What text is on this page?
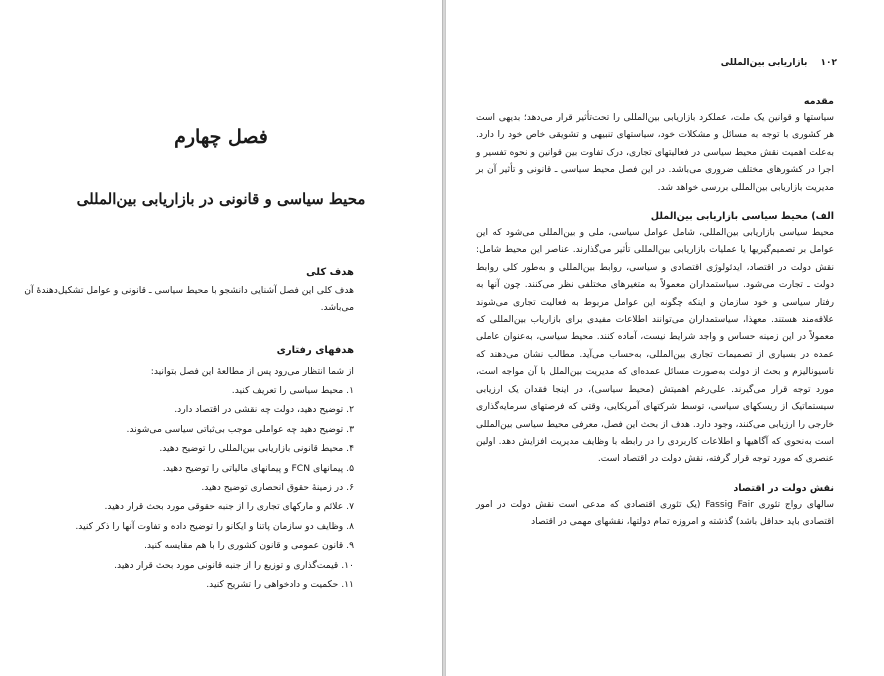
فصل چهارم
محیط سیاسی و قانونی در بازاریابی بین‌المللی

هدف کلی

هدف کلی این فصل آشنایی دانشجو با محیط سیاسی ـ قانونی و عوامل تشکیل‌دهندهٔ آن می‌باشد.

هدفهای رفتاری

از شما انتظار می‌رود پس از مطالعهٔ این فصل بتوانید:

۱. محیط سیاسی را تعریف کنید.
۲. توضیح دهید، دولت چه نقشی در اقتصاد دارد.
۳. توضیح دهید چه عواملی موجب بی‌ثباتی سیاسی می‌شوند.
۴. محیط قانونی بازاریابی بین‌المللی را توضیح دهید.
۵. پیمانهای FCN و پیمانهای مالیاتی را توضیح دهید.
۶. در زمینهٔ حقوق انحصاری توضیح دهید.
۷. علائم و مارکهای تجاری را از جنبه حقوقی مورد بحث قرار دهید.
۸. وظایف دو سازمان پاتنا و ایکانو را توضیح داده و تفاوت آنها را ذکر کنید.
۹. قانون عمومی و قانون کشوری را با هم مقایسه کنید.
۱۰. قیمت‌گذاری و توزیع را از جنبه قانونی مورد بحث قرار دهید.
۱۱. حکمیت و دادخواهی را تشریح کنید.
۱۰۲ بازاریابی بین‌المللی

مقدمه

سیاستها و قوانین یک ملت، عملکرد بازاریابی بین‌المللی را تحت‌تأثیر قرار می‌دهد؛ بدیهی است هر کشوری با توجه به مسائل و مشکلات خود، سیاستهای تنبیهی و تشویقی خاص خود را دارد. به‌علت اهمیت نقش محیط سیاسی در فعالیتهای تجاری، درک تفاوت بین قوانین و نحوه تفسیر و اجرا در کشورهای مختلف ضروری می‌باشد. در این فصل محیط سیاسی ـ قانونی و تأثیر آن بر مدیریت بازاریابی بین‌المللی بررسی خواهد شد.

الف) محیط سیاسی بازاریابی بین‌الملل

محیط سیاسی بازاریابی بین‌المللی، شامل عوامل سیاسی، ملی و بین‌المللی می‌شود که این عوامل بر تصمیم‌گیریها یا عملیات بازاریابی بین‌المللی تأثیر می‌گذارند. عناصر این محیط شامل: نقش دولت در اقتصاد، ایدئولوژی اقتصادی و سیاسی، روابط بین‌المللی و به‌طور کلی روابط دولت ـ تجارت می‌شود. سیاستمداران معمولاً به متغیرهای مختلفی نظر می‌کنند. چون آنها به رفتار سیاسی و خود سازمان و اینکه چگونه این عوامل مربوط به فعالیت تجاری می‌شوند علاقه‌مند هستند. معهذا، سیاستمداران می‌توانند اطلاعات مفیدی برای بازاریاب بین‌المللی که معمولاً در این زمینه حساس و واجد شرایط نیست، آماده کنند. محیط سیاسی، به‌عنوان عاملی عمده در بسیاری از تصمیمات تجاری بین‌المللی، به‌حساب می‌آید. مطالب نشان می‌دهند که ناسیونالیزم و بحث از دولت به‌صورت مسائل عمده‌ای که مدیریت بین‌الملل با آن مواجه است، مورد توجه قرار می‌گیرند. علی‌رغم اهمیتش (محیط سیاسی)، در اینجا فقدان یک ارزیابی سیستماتیک از ریسکهای سیاسی، توسط شرکتهای آمریکایی، وقتی که فرصتهای سرمایه‌گذاری خارجی را ارزیابی می‌کنند، وجود دارد. هدف از بحث این فصل، معرفی محیط سیاسی بین‌المللی است به‌نحوی که آگاهیها و اطلاعات کاربردی را در رابطه با وظایف مدیریت افزایش دهد. اولین عنصری که مورد توجه قرار گرفته، نقش دولت در اقتصاد است.

نقش دولت در اقتصاد

سالهای رواج تئوری Fassig Fair (یک تئوری اقتصادی که مدعی است نقش دولت در امور اقتصادی باید حداقل باشد) گذشته و امروزه تمام دولتها، نقشهای مهمی در اقتصاد
